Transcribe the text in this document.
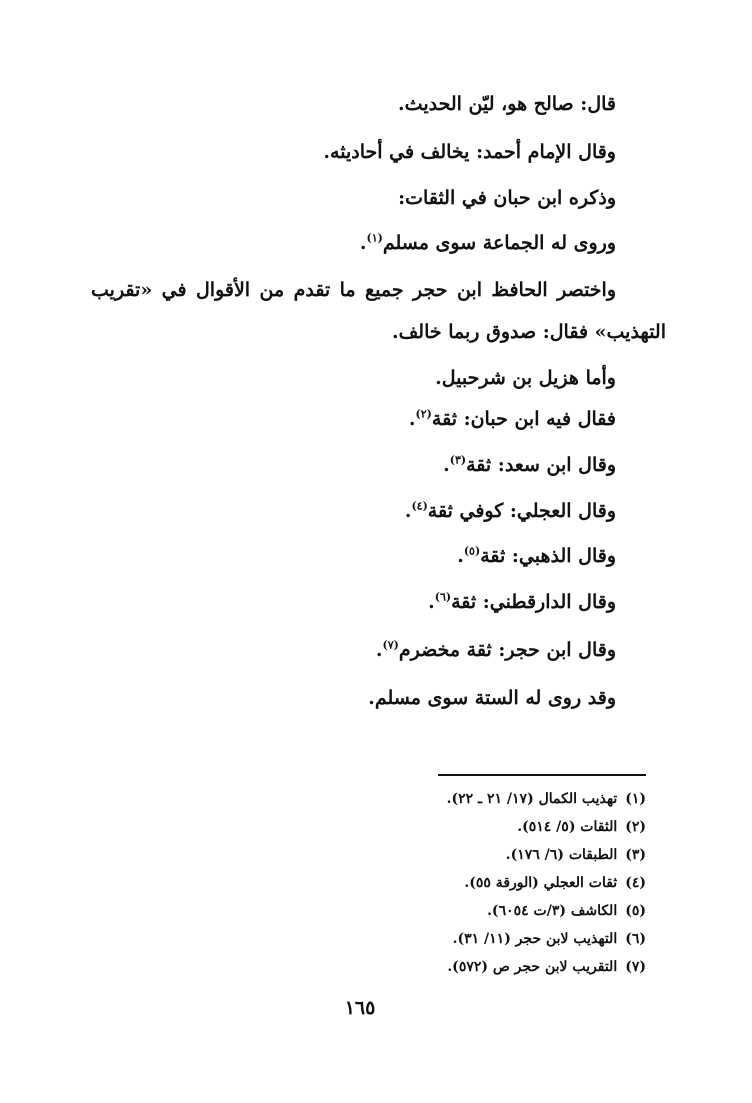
قال: صالح هو، ليّن الحديث.
وقال الإمام أحمد: يخالف في أحاديثه.
وذكره ابن حبان في الثقات:
وروى له الجماعة سوى مسلم$^{(١)}$.
واختصر الحافظ ابن حجر جميع ما تقدم من الأقوال في «تقريب
التهذيب» فقال: صدوق ربما خالف.
وأما هزيل بن شرحبيل.
فقال فيه ابن حبان: ثقة$^{(٢)}$.
وقال ابن سعد: ثقة$^{(٣)}$.
وقال العجلي: كوفي ثقة$^{(٤)}$.
وقال الذهبي: ثقة$^{(٥)}$.
وقال الدارقطني: ثقة$^{(٦)}$.
وقال ابن حجر: ثقة مخضرم$^{(٧)}$.
وقد روى له الستة سوى مسلم.
(١)تهذيب الكمال (١٧/ ٢١ ـ ٢٢).
(٢)الثقات (٥/ ٥١٤).
(٣)الطبقات (٦/ ١٧٦).
(٤)ثقات العجلي (الورقة ٥٥).
(٥)الكاشف (٣/ت ٦٠٥٤).
(٦)التهذيب لابن حجر (١١/ ٣١).
(٧)التقريب لابن حجر ص (٥٧٢).
١٦٥
